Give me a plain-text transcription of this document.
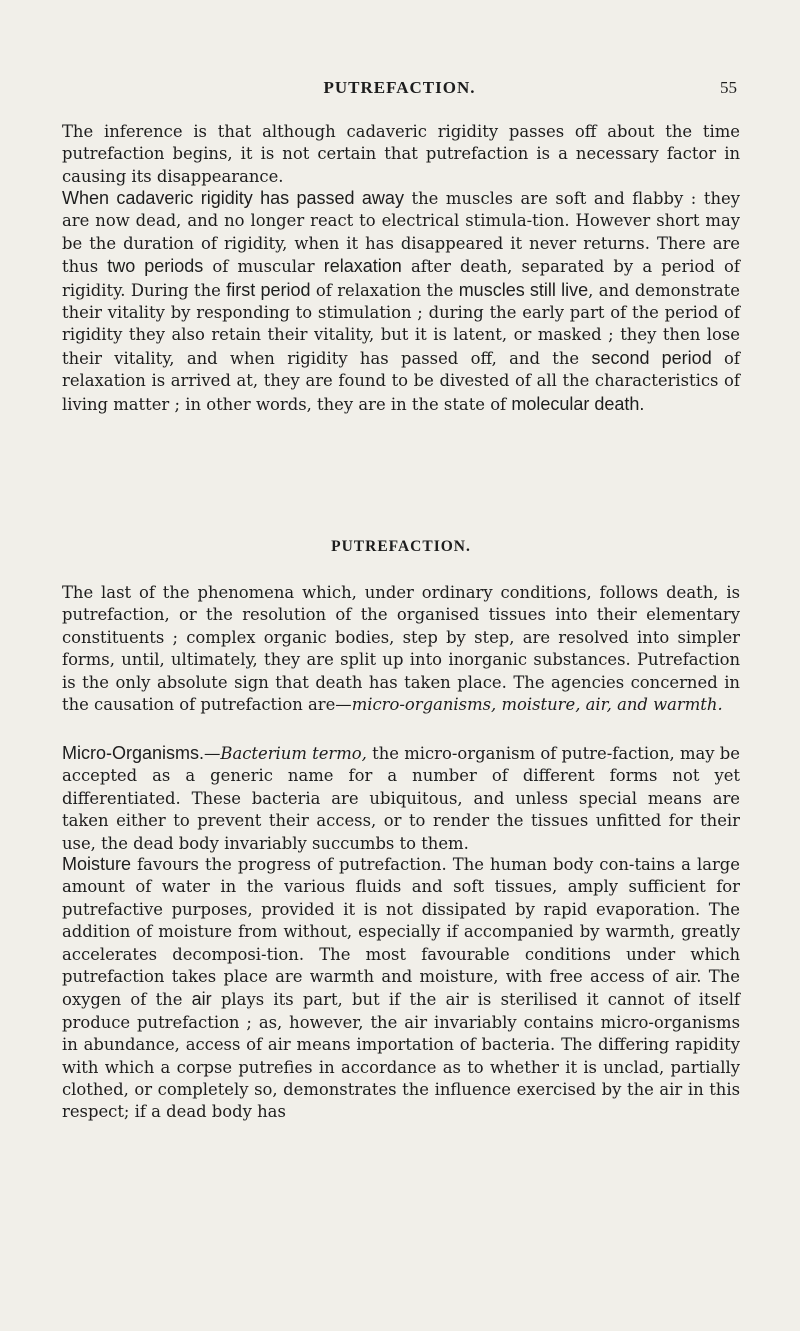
PUTREFACTION.	55

The inference is that although cadaveric rigidity passes off about the time putrefaction begins, it is not certain that putrefaction is a necessary factor in causing its disappearance.

When cadaveric rigidity has passed away the muscles are soft and flabby : they are now dead, and no longer react to electrical stimula-tion. However short may be the duration of rigidity, when it has disappeared it never returns. There are thus two periods of muscular relaxation after death, separated by a period of rigidity. During the first period of relaxation the muscles still live, and demonstrate their vitality by responding to stimulation ; during the early part of the period of rigidity they also retain their vitality, but it is latent, or masked ; they then lose their vitality, and when rigidity has passed off, and the second period of relaxation is arrived at, they are found to be divested of all the characteristics of living matter ; in other words, they are in the state of molecular death.

PUTREFACTION.

The last of the phenomena which, under ordinary conditions, follows death, is putrefaction, or the resolution of the organised tissues into their elementary constituents ; complex organic bodies, step by step, are resolved into simpler forms, until, ultimately, they are split up into inorganic substances. Putrefaction is the only absolute sign that death has taken place. The agencies concerned in the causation of putrefaction are—micro-organisms, moisture, air, and warmth.

Micro-Organisms.—Bacterium termo, the micro-organism of putre-faction, may be accepted as a generic name for a number of different forms not yet differentiated. These bacteria are ubiquitous, and unless special means are taken either to prevent their access, or to render the tissues unfitted for their use, the dead body invariably succumbs to them.

Moisture favours the progress of putrefaction. The human body con-tains a large amount of water in the various fluids and soft tissues, amply sufficient for putrefactive purposes, provided it is not dissipated by rapid evaporation. The addition of moisture from without, especially if accompanied by warmth, greatly accelerates decomposi-tion. The most favourable conditions under which putrefaction takes place are warmth and moisture, with free access of air. The oxygen of the air plays its part, but if the air is sterilised it cannot of itself produce putrefaction ; as, however, the air invariably contains micro-organisms in abundance, access of air means importation of bacteria. The differing rapidity with which a corpse putrefies in accordance as to whether it is unclad, partially clothed, or completely so, demonstrates the influence exercised by the air in this respect; if a dead body has
